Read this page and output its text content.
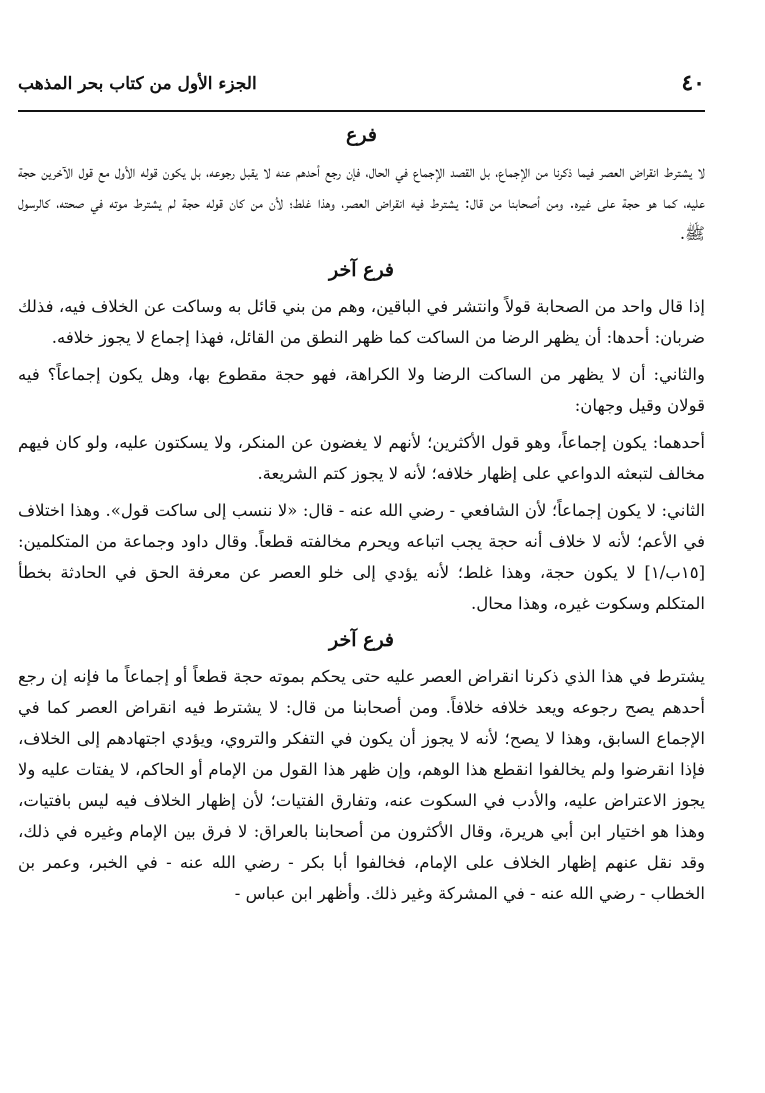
٤٠
الجزء الأول من كتاب بحر المذهب
فرع

لا يشترط انقراض العصر فيما ذكرنا من الإجماع، بل القصد الإجماع في الحال، فإن رجع أحدهم عنه لا يقبل رجوعه، بل يكون قوله الأول مع قول الآخرين حجة عليه، كما هو حجة على غيره. ومن أصحابنا من قال: يشترط فيه انقراض العصر، وهذا غلط؛ لأن من كان قوله حجة لم يشترط موته في صحته، كالرسول ﷺ.

فرع آخر

إذا قال واحد من الصحابة قولاً وانتشر في الباقين، وهم من بني قائل به وساكت عن الخلاف فيه، فذلك ضربان: أحدها: أن يظهر الرضا من الساكت كما ظهر النطق من القائل، فهذا إجماع لا يجوز خلافه.

والثاني: أن لا يظهر من الساكت الرضا ولا الكراهة، فهو حجة مقطوع بها، وهل يكون إجماعاً؟ فيه قولان وقيل وجهان:

أحدهما: يكون إجماعاً، وهو قول الأكثرين؛ لأنهم لا يغضون عن المنكر، ولا يسكتون عليه، ولو كان فيهم مخالف لتبعثه الدواعي على إظهار خلافه؛ لأنه لا يجوز كتم الشريعة.

الثاني: لا يكون إجماعاً؛ لأن الشافعي - رضي الله عنه - قال: «لا ننسب إلى ساكت قول». وهذا اختلاف في الأعم؛ لأنه لا خلاف أنه حجة يجب اتباعه ويحرم مخالفته قطعاً. وقال داود وجماعة من المتكلمين: [١٥ب/١] لا يكون حجة، وهذا غلط؛ لأنه يؤدي إلى خلو العصر عن معرفة الحق في الحادثة بخطأ المتكلم وسكوت غيره، وهذا محال.

فرع آخر

يشترط في هذا الذي ذكرنا انقراض العصر عليه حتى يحكم بموته حجة قطعاً أو إجماعاً ما فإنه إن رجع أحدهم يصح رجوعه ويعد خلافه خلافاً. ومن أصحابنا من قال: لا يشترط فيه انقراض العصر كما في الإجماع السابق، وهذا لا يصح؛ لأنه لا يجوز أن يكون في التفكر والتروي، ويؤدي اجتهادهم إلى الخلاف، فإذا انقرضوا ولم يخالفوا انقطع هذا الوهم، وإن ظهر هذا القول من الإمام أو الحاكم، لا يفتات عليه ولا يجوز الاعتراض عليه، والأدب في السكوت عنه، وتفارق الفتيات؛ لأن إظهار الخلاف فيه ليس بافتيات، وهذا هو اختيار ابن أبي هريرة، وقال الأكثرون من أصحابنا بالعراق: لا فرق بين الإمام وغيره في ذلك، وقد نقل عنهم إظهار الخلاف على الإمام، فخالفوا أبا بكر - رضي الله عنه - في الخبر، وعمر بن الخطاب - رضي الله عنه - في المشركة وغير ذلك. وأظهر ابن عباس -
